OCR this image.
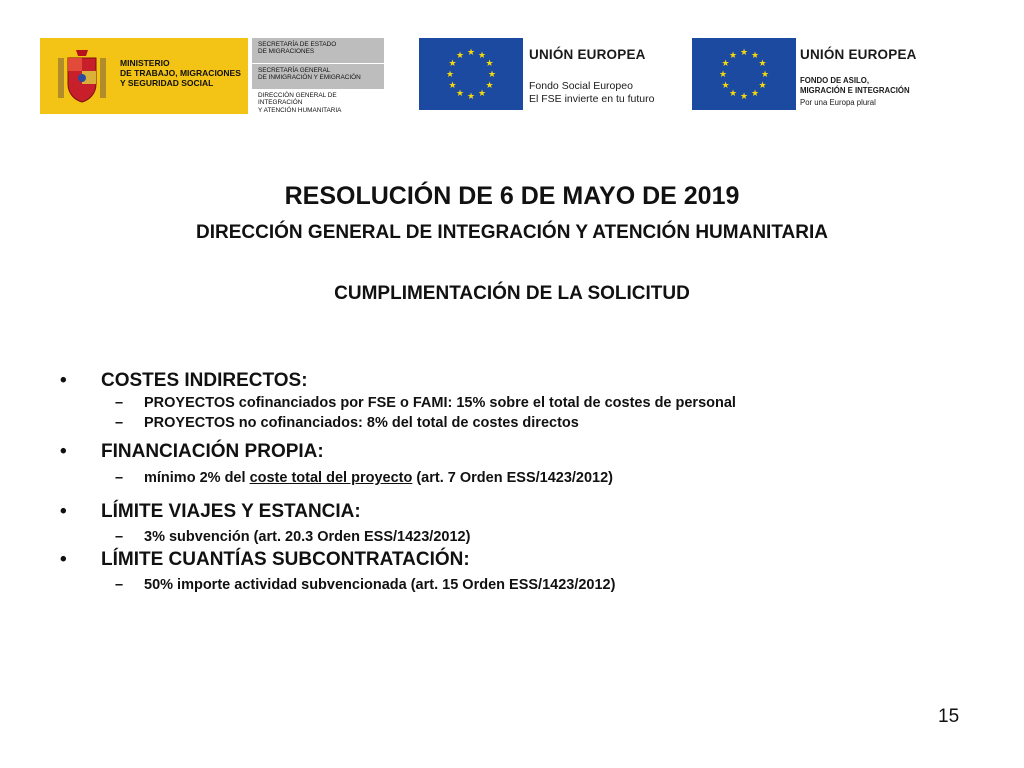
MINISTERIO
DE TRABAJO, MIGRACIONES
Y SEGURIDAD SOCIAL
SECRETARÍA DE ESTADO
DE MIGRACIONES
SECRETARÍA GENERAL
DE INMIGRACIÓN Y EMIGRACIÓN
DIRECCIÓN GENERAL DE INTEGRACIÓN
Y ATENCIÓN HUMANITARIA
★ ★
★
★
★
★
★
★
★
★
★
★	UNIÓN EUROPEA
Fondo Social Europeo
El FSE invierte en tu futuro
★ ★
★
★
★
★
★
★
★
★
★
★	UNIÓN EUROPEA
FONDO DE ASILO,
MIGRACIÓN E INTEGRACIÓN
Por una Europa plural
RESOLUCIÓN DE 6 DE MAYO DE 2019
DIRECCIÓN GENERAL DE INTEGRACIÓN Y ATENCIÓN HUMANITARIA
CUMPLIMENTACIÓN DE LA SOLICITUD
• COSTES INDIRECTOS:
– PROYECTOS cofinanciados por FSE o FAMI: 15% sobre el total de costes de personal
– PROYECTOS no cofinanciados: 8% del total de costes directos
• FINANCIACIÓN PROPIA:
– mínimo 2% del coste total del proyecto (art. 7 Orden ESS/1423/2012)
• LÍMITE VIAJES Y ESTANCIA:
– 3% subvención (art. 20.3 Orden ESS/1423/2012)
• LÍMITE CUANTÍAS SUBCONTRATACIÓN:
– 50% importe actividad subvencionada (art. 15 Orden ESS/1423/2012)
15
